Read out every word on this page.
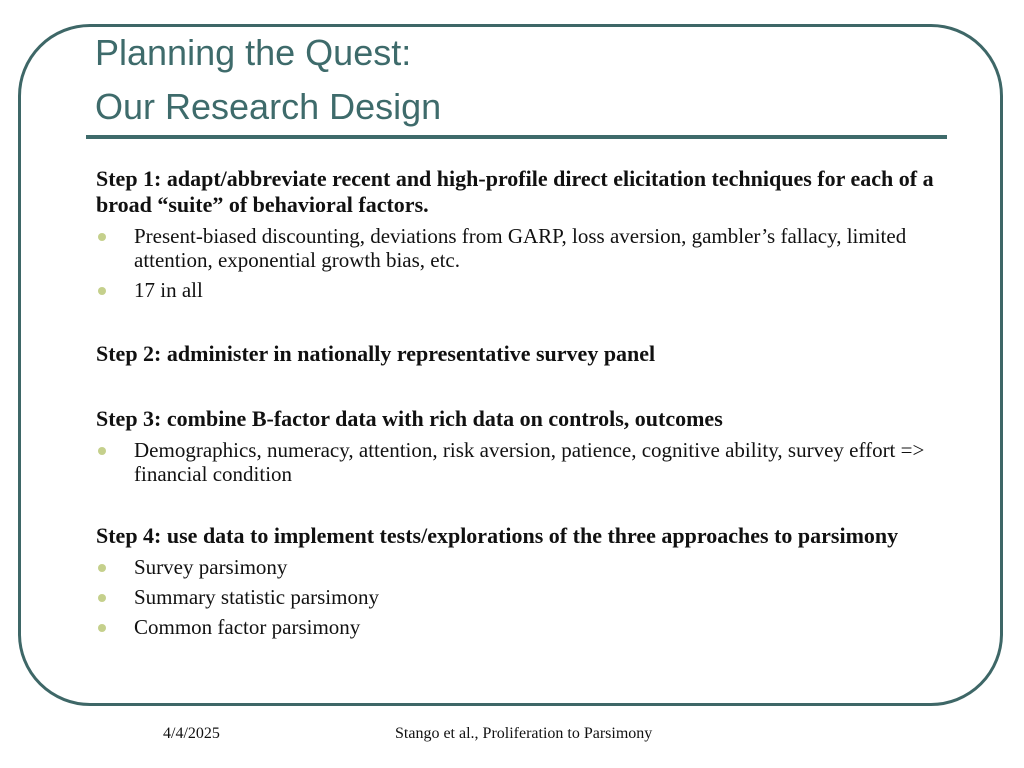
Planning the Quest:
Our Research Design

Step 1: adapt/abbreviate recent and high-profile direct elicitation techniques for each of a broad “suite” of behavioral factors.

Present-biased discounting, deviations from GARP, loss aversion, gambler’s fallacy, limited attention, exponential growth bias, etc.
17 in all

Step 2: administer in nationally representative survey panel

Step 3: combine B-factor data with rich data on controls, outcomes

Demographics, numeracy, attention, risk aversion, patience, cognitive ability, survey effort => financial condition

Step 4: use data to implement tests/explorations of the three approaches to parsimony

Survey parsimony
Summary statistic parsimony
Common factor parsimony
4/4/2025	Stango et al., Proliferation to Parsimony
